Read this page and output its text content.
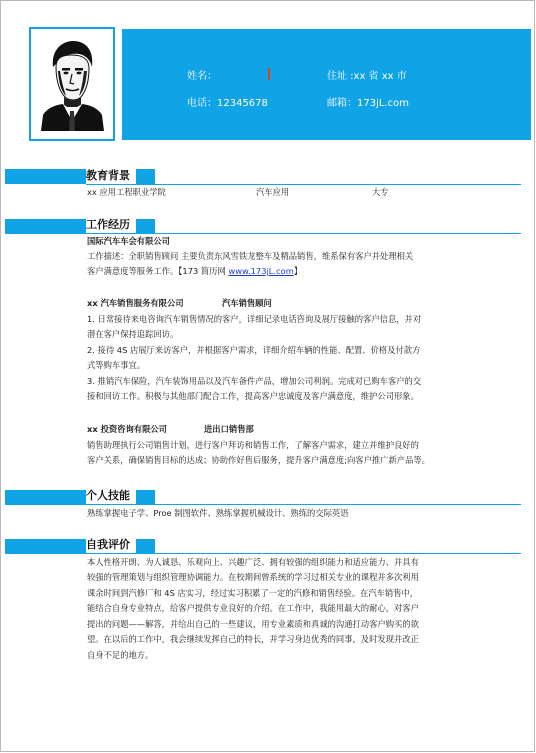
姓名：	住址 :xx 省 xx 市
电话：12345678	邮箱：173jL.com
教育背景
xx 应用工程职业学院	汽车应用	大专
工作经历
国际汽车车会有限公司
工作描述：全职销售顾问 主要负责东风雪铁龙整车及精品销售，维系保有客户并处理相关
客户满意度等服务工作。【173 简历网 www.173jL.com】
xx 汽车销售服务有限公司	汽车销售顾问
1. 日常接待来电咨询汽车销售情况的客户，详细记录电话咨询及展厅接触的客户信息，并对
潜在客户保持追踪回访。
2. 接待 4S 店展厅来访客户，并根据客户需求，详细介绍车辆的性能、配置、价格及付款方
式等购车事宜。
3. 推销汽车保险，汽车装饰用品以及汽车备件产品，增加公司利润。完成对已购车客户的交
接和回访工作。积极与其他部门配合工作，提高客户忠诚度及客户满意度，维护公司形象。
xx 投资咨询有限公司	进出口销售部
销售助理执行公司销售计划，进行客户拜访和销售工作，了解客户需求，建立并维护良好的
客户关系，确保销售目标的达成；协助作好售后服务，提升客户满意度;向客户推广新产品等。
个人技能
熟练掌握电子学、Proe 制图软件、熟练掌握机械设计、熟练的交际英语
自我评价
本人性格开朗、为人诚恳、乐观向上、兴趣广泛、拥有较强的组织能力和适应能力、并具有
较强的管理策划与组织管理协调能力。在校期间曾系统的学习过相关专业的课程并多次利用
课余时间到汽修厂和 4S 店实习，经过实习积累了一定的汽修和销售经验。在汽车销售中，
能结合自身专业特点，给客户提供专业良好的介绍。在工作中，我能用最大的耐心，对客户
提出的问题——解答，并给出自己的一些建议，用专业素质和真诚的沟通打动客户购买的欲
望。在以后的工作中，我会继续发挥自己的特长，并学习身边优秀的同事，及时发现并改正
自身不足的地方。
